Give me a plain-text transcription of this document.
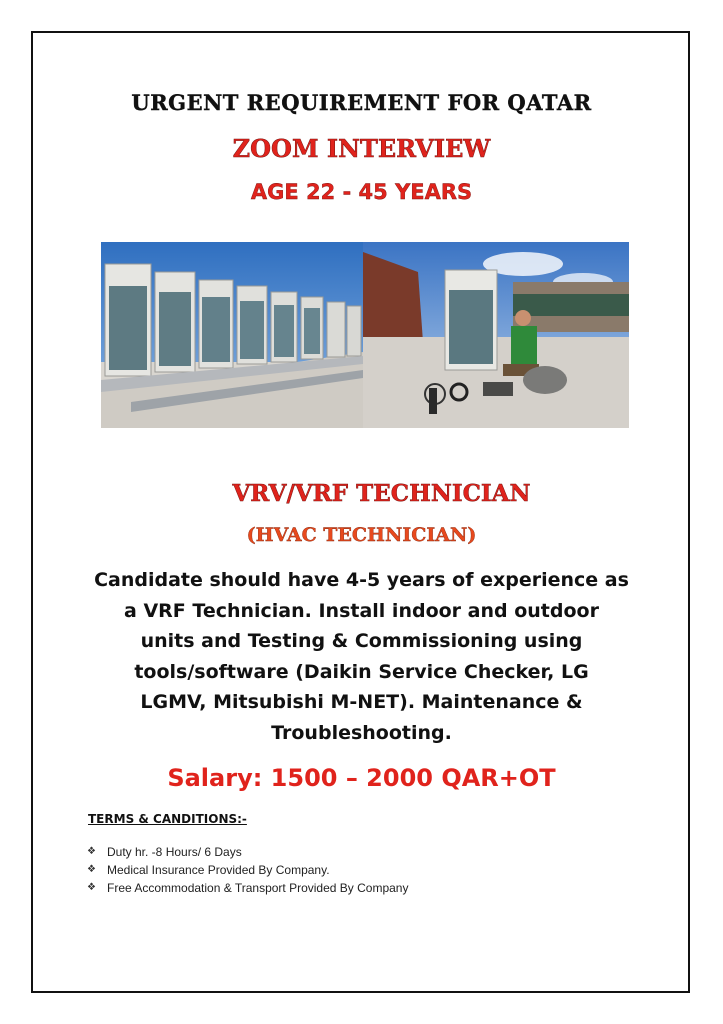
URGENT REQUIREMENT FOR QATAR
ZOOM INTERVIEW
AGE 22 - 45 YEARS
VRV/VRF TECHNICIAN
(HVAC TECHNICIAN)
Candidate should have 4-5 years of experience as
a VRF Technician. Install indoor and outdoor
units and Testing & Commissioning using
tools/software (Daikin Service Checker, LG
LGMV, Mitsubishi M-NET). Maintenance &
Troubleshooting.
Salary: 1500 – 2000 QAR+OT
TERMS & CANDITIONS:-
❖ Duty hr. -8 Hours/ 6 Days
❖ Medical Insurance Provided By Company.
❖ Free Accommodation & Transport Provided By Company
